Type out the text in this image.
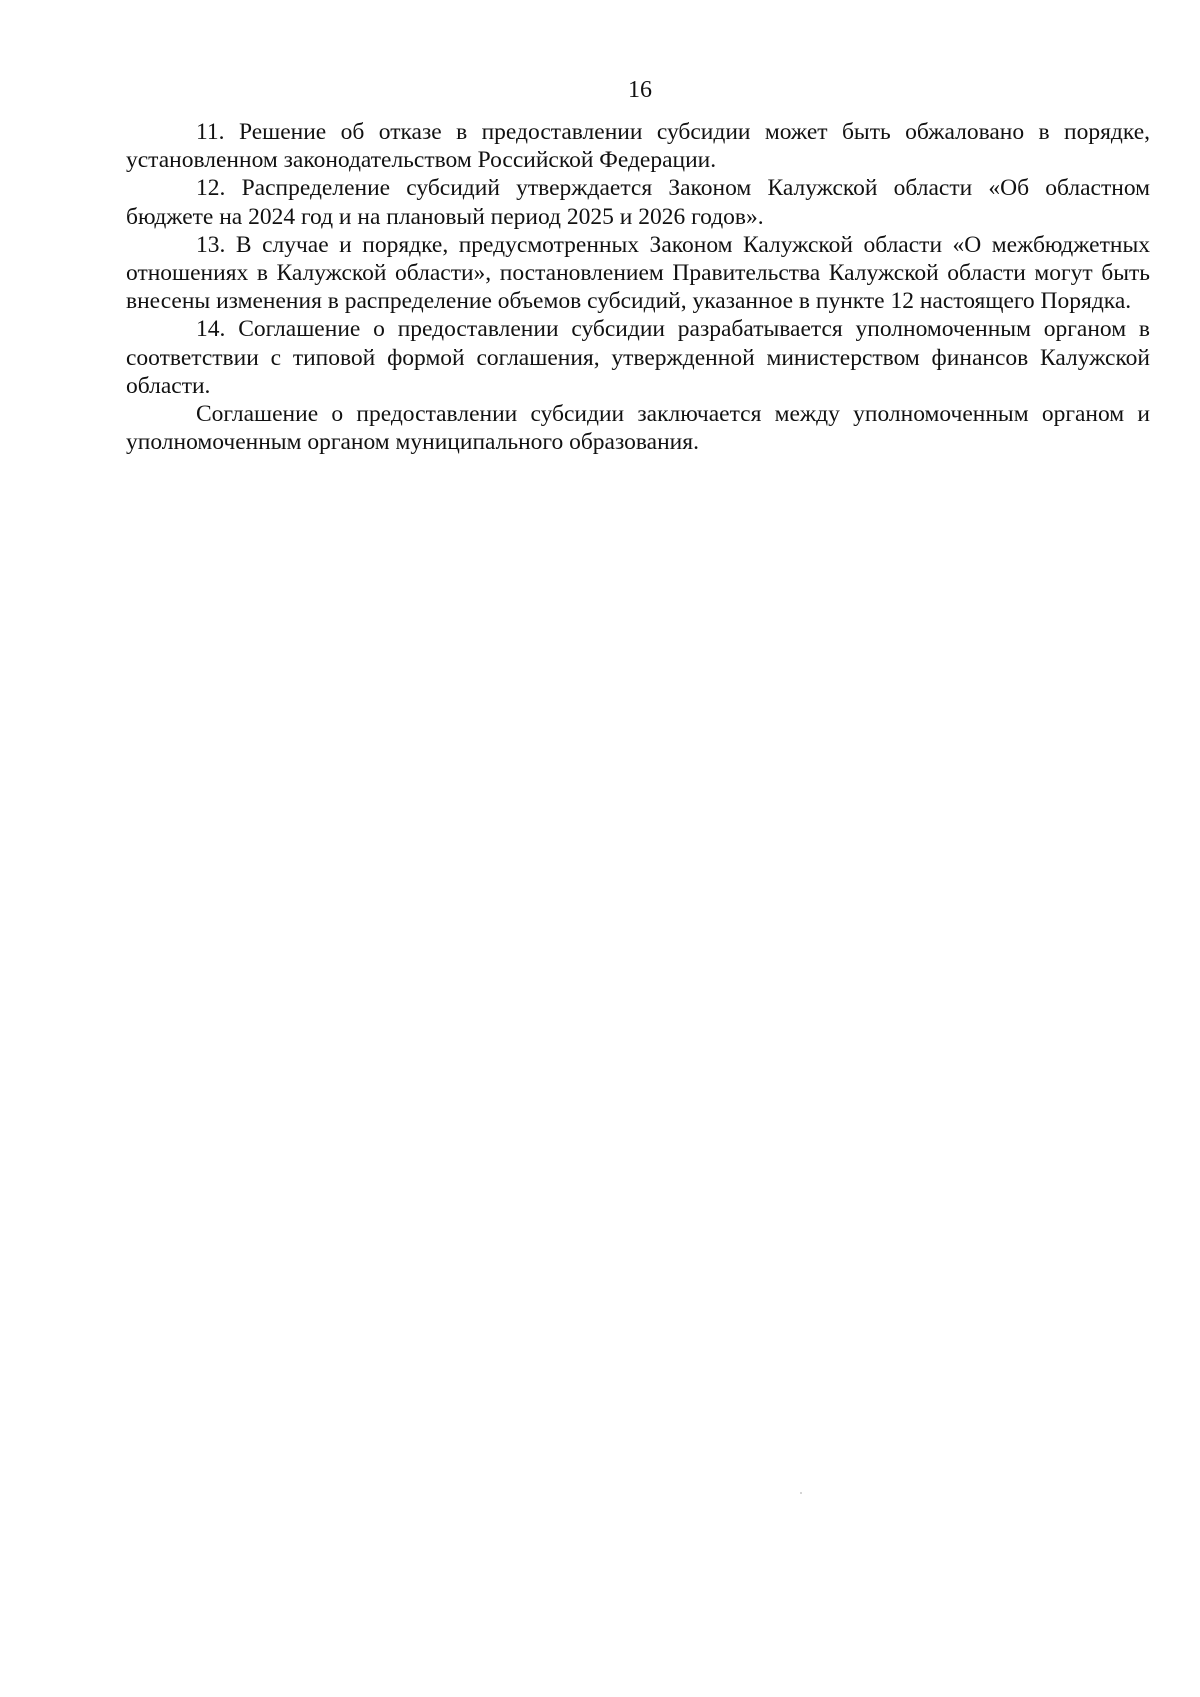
16

11. Решение об отказе в предоставлении субсидии может быть обжаловано в порядке, установленном законодательством Российской Федерации.

12. Распределение субсидий утверждается Законом Калужской области «Об областном бюджете на 2024 год и на плановый период 2025 и 2026 годов».

13. В случае и порядке, предусмотренных Законом Калужской области «О межбюджетных отношениях в Калужской области», постановлением Правительства Калужской области могут быть внесены изменения в распределение объемов субсидий, указанное в пункте 12 настоящего Порядка.

14. Соглашение о предоставлении субсидии разрабатывается уполномоченным органом в соответствии с типовой формой соглашения, утвержденной министерством финансов Калужской области.

Соглашение о предоставлении субсидии заключается между уполномоченным органом и уполномоченным органом муниципального образования.
